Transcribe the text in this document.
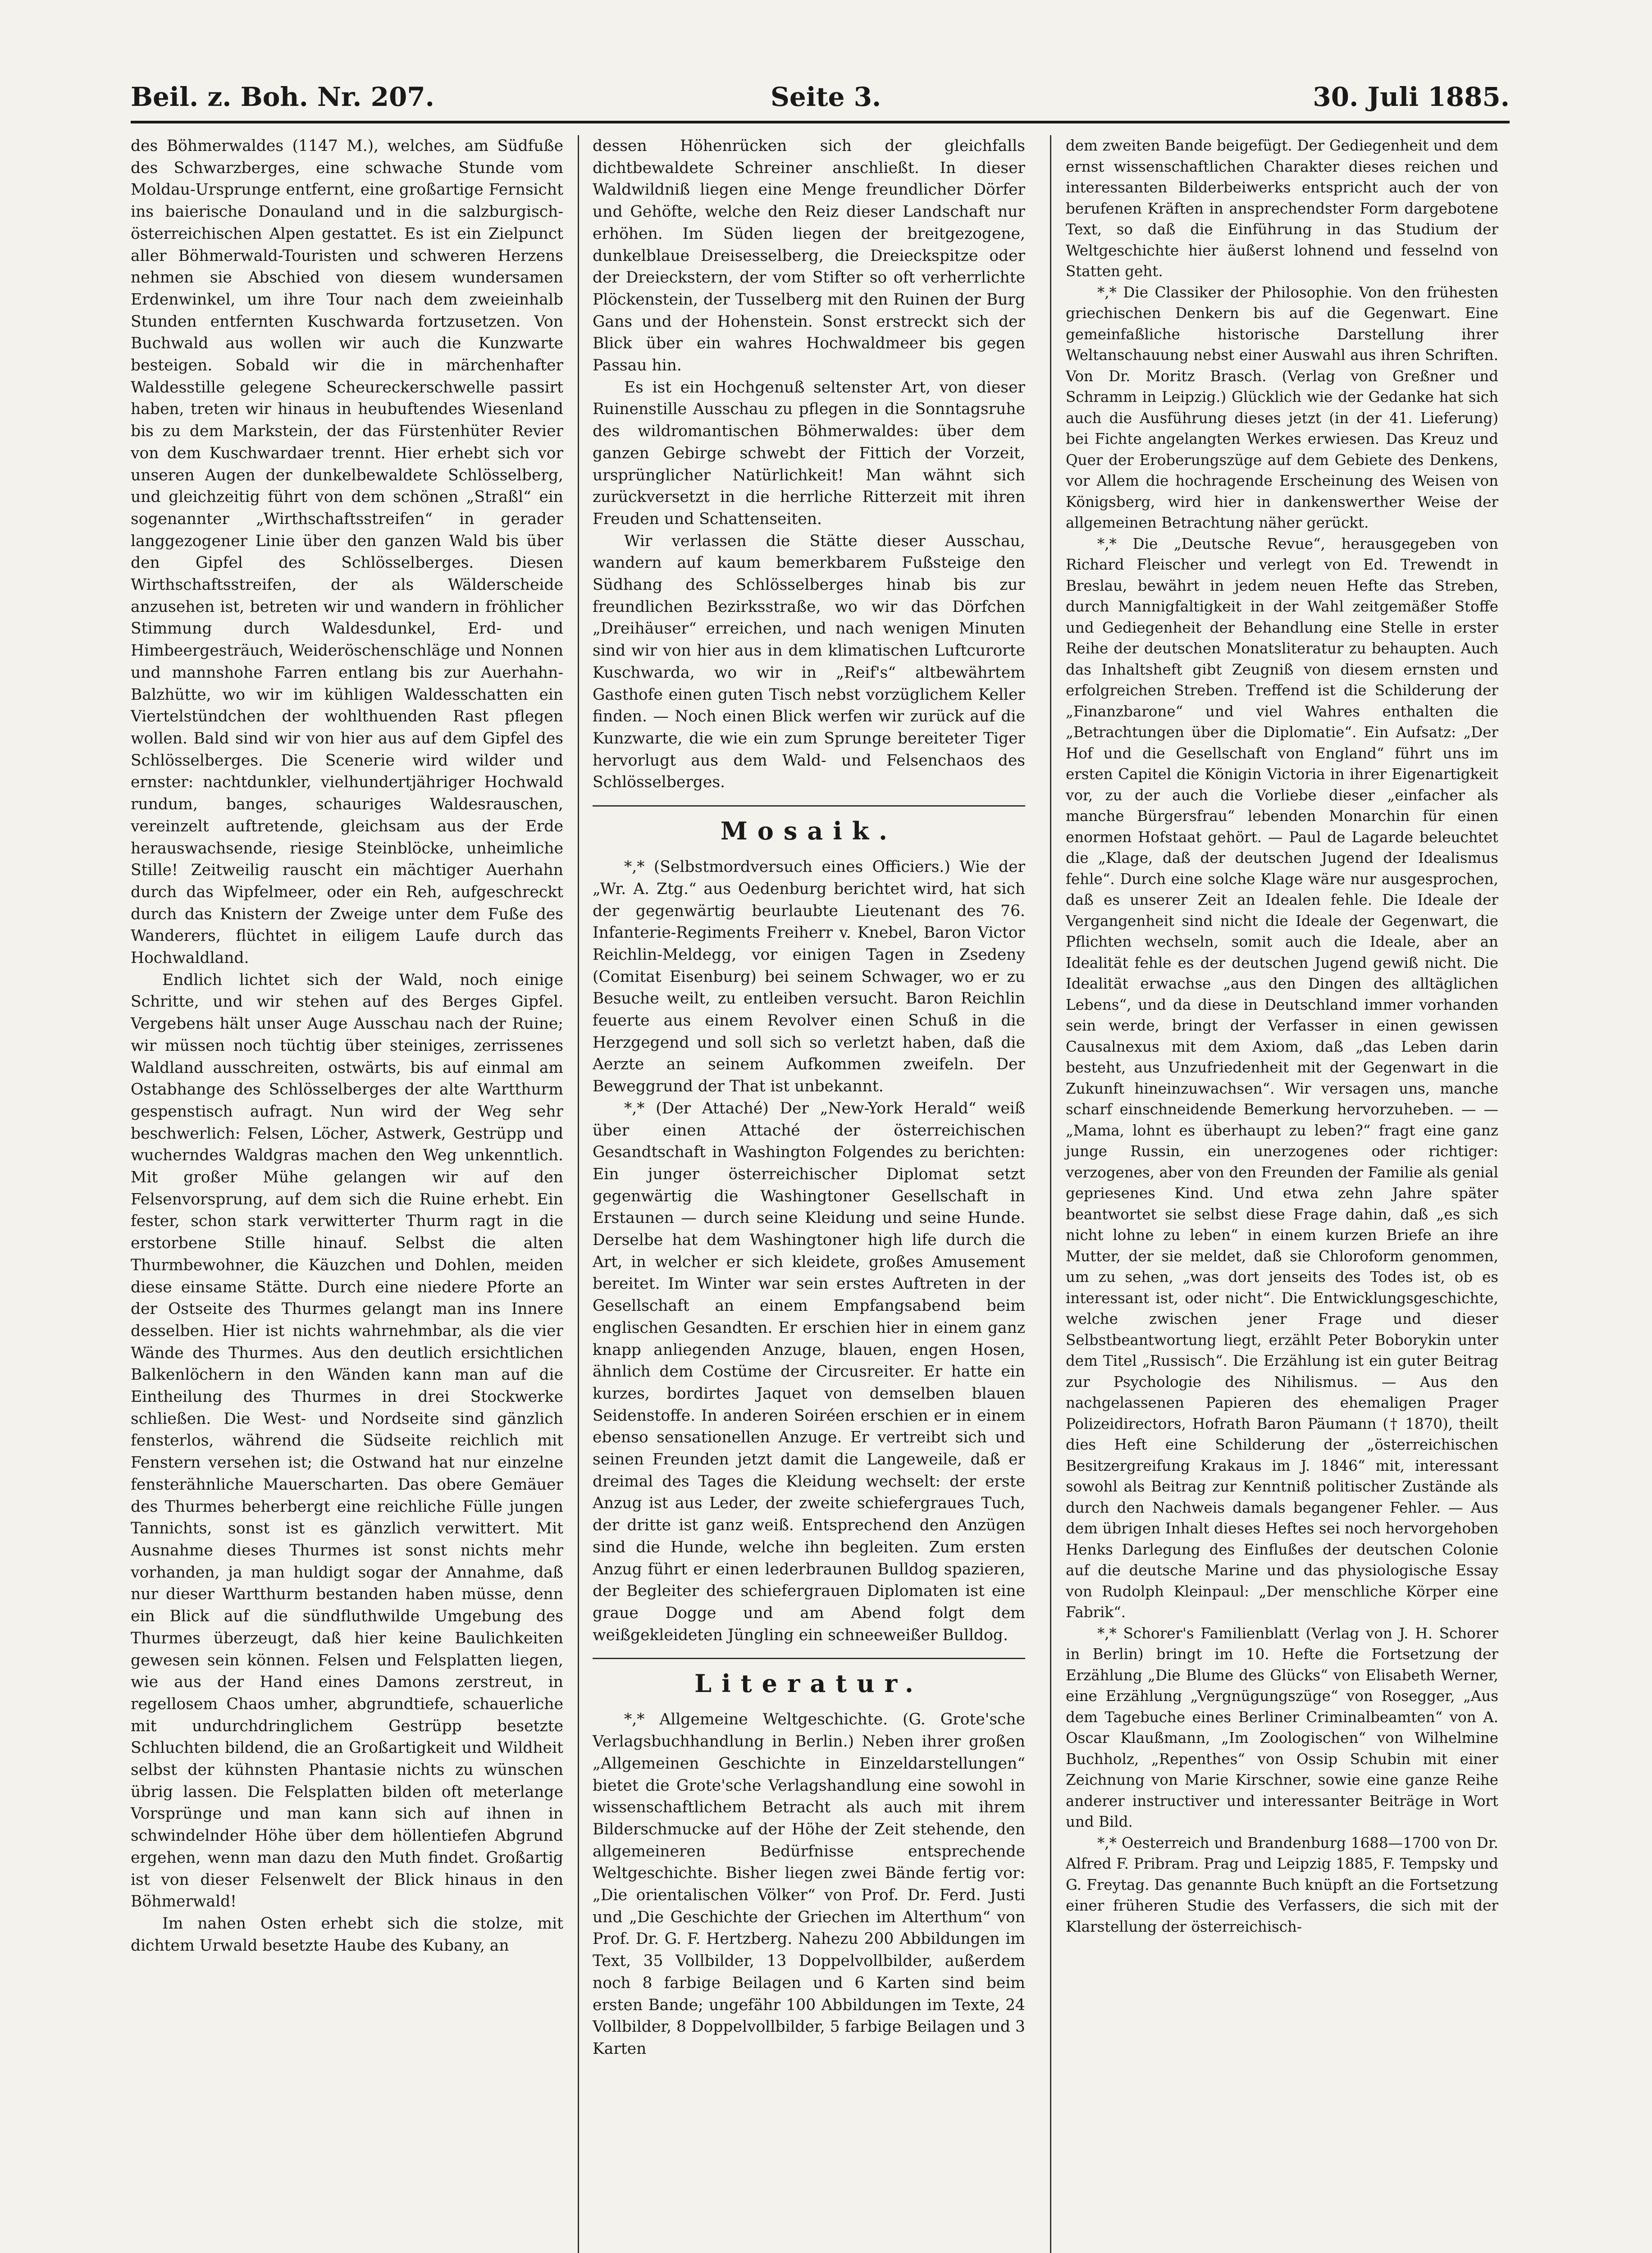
Beil. z. Boh. Nr. 207.	Seite 3.	30. Juli 1885.

des Böhmerwaldes (1147 M.), welches, am Südfuße des Schwarzberges, eine schwache Stunde vom Moldau-Ursprunge entfernt, eine großartige Fernsicht ins baierische Donauland und in die salzburgisch-österreichischen Alpen gestattet. Es ist ein Zielpunct aller Böhmerwald-Touristen und schweren Herzens nehmen sie Abschied von diesem wundersamen Erdenwinkel, um ihre Tour nach dem zweieinhalb Stunden entfernten Kuschwarda fortzusetzen. Von Buchwald aus wollen wir auch die Kunzwarte besteigen. Sobald wir die in märchenhafter Waldesstille gelegene Scheureckerschwelle passirt haben, treten wir hinaus in heubuftendes Wiesenland bis zu dem Markstein, der das Fürstenhüter Revier von dem Kuschwardaer trennt. Hier erhebt sich vor unseren Augen der dunkelbewaldete Schlösselberg, und gleichzeitig führt von dem schönen „Straßl“ ein sogenannter „Wirthschaftsstreifen“ in gerader langgezogener Linie über den ganzen Wald bis über den Gipfel des Schlösselberges. Diesen Wirthschaftsstreifen, der als Wälderscheide anzusehen ist, betreten wir und wandern in fröhlicher Stimmung durch Waldesdunkel, Erd- und Himbeergesträuch, Weideröschenschläge und Nonnen und mannshohe Farren entlang bis zur Auerhahn-Balzhütte, wo wir im kühligen Waldesschatten ein Viertelstündchen der wohlthuenden Rast pflegen wollen. Bald sind wir von hier aus auf dem Gipfel des Schlösselberges. Die Scenerie wird wilder und ernster: nachtdunkler, vielhundertjähriger Hochwald rundum, banges, schauriges Waldesrauschen, vereinzelt auftretende, gleichsam aus der Erde herauswachsende, riesige Steinblöcke, unheimliche Stille! Zeitweilig rauscht ein mächtiger Auerhahn durch das Wipfelmeer, oder ein Reh, aufgeschreckt durch das Knistern der Zweige unter dem Fuße des Wanderers, flüchtet in eiligem Laufe durch das Hochwaldland.

Endlich lichtet sich der Wald, noch einige Schritte, und wir stehen auf des Berges Gipfel. Vergebens hält unser Auge Ausschau nach der Ruine; wir müssen noch tüchtig über steiniges, zerrissenes Waldland ausschreiten, ostwärts, bis auf einmal am Ostabhange des Schlösselberges der alte Wartthurm gespenstisch aufragt. Nun wird der Weg sehr beschwerlich: Felsen, Löcher, Astwerk, Gestrüpp und wucherndes Waldgras machen den Weg unkenntlich. Mit großer Mühe gelangen wir auf den Felsenvorsprung, auf dem sich die Ruine erhebt. Ein fester, schon stark verwitterter Thurm ragt in die erstorbene Stille hinauf. Selbst die alten Thurmbewohner, die Käuzchen und Dohlen, meiden diese einsame Stätte. Durch eine niedere Pforte an der Ostseite des Thurmes gelangt man ins Innere desselben. Hier ist nichts wahrnehmbar, als die vier Wände des Thurmes. Aus den deutlich ersichtlichen Balkenlöchern in den Wänden kann man auf die Eintheilung des Thurmes in drei Stockwerke schließen. Die West- und Nordseite sind gänzlich fensterlos, während die Südseite reichlich mit Fenstern versehen ist; die Ostwand hat nur einzelne fensterähnliche Mauerscharten. Das obere Gemäuer des Thurmes beherbergt eine reichliche Fülle jungen Tannichts, sonst ist es gänzlich verwittert. Mit Ausnahme dieses Thurmes ist sonst nichts mehr vorhanden, ja man huldigt sogar der Annahme, daß nur dieser Wartthurm bestanden haben müsse, denn ein Blick auf die sündfluthwilde Umgebung des Thurmes überzeugt, daß hier keine Baulichkeiten gewesen sein können. Felsen und Felsplatten liegen, wie aus der Hand eines Damons zerstreut, in regellosem Chaos umher, abgrundtiefe, schauerliche mit undurchdringlichem Gestrüpp besetzte Schluchten bildend, die an Großartigkeit und Wildheit selbst der kühnsten Phantasie nichts zu wünschen übrig lassen. Die Felsplatten bilden oft meterlange Vorsprünge und man kann sich auf ihnen in schwindelnder Höhe über dem höllentiefen Abgrund ergehen, wenn man dazu den Muth findet. Großartig ist von dieser Felsenwelt der Blick hinaus in den Böhmerwald!

Im nahen Osten erhebt sich die stolze, mit dichtem Urwald besetzte Haube des Kubany, an

dessen Höhenrücken sich der gleichfalls dichtbewaldete Schreiner anschließt. In dieser Waldwildniß liegen eine Menge freundlicher Dörfer und Gehöfte, welche den Reiz dieser Landschaft nur erhöhen. Im Süden liegen der breitgezogene, dunkelblaue Dreisesselberg, die Dreieckspitze oder der Dreieckstern, der vom Stifter so oft verherrlichte Plöckenstein, der Tusselberg mit den Ruinen der Burg Gans und der Hohenstein. Sonst erstreckt sich der Blick über ein wahres Hochwaldmeer bis gegen Passau hin.

Es ist ein Hochgenuß seltenster Art, von dieser Ruinenstille Ausschau zu pflegen in die Sonntagsruhe des wildromantischen Böhmerwaldes: über dem ganzen Gebirge schwebt der Fittich der Vorzeit, ursprünglicher Natürlichkeit! Man wähnt sich zurückversetzt in die herrliche Ritterzeit mit ihren Freuden und Schattenseiten.

Wir verlassen die Stätte dieser Ausschau, wandern auf kaum bemerkbarem Fußsteige den Südhang des Schlösselberges hinab bis zur freundlichen Bezirksstraße, wo wir das Dörfchen „Dreihäuser“ erreichen, und nach wenigen Minuten sind wir von hier aus in dem klimatischen Luftcurorte Kuschwarda, wo wir in „Reif's“ altbewährtem Gasthofe einen guten Tisch nebst vorzüglichem Keller finden. — Noch einen Blick werfen wir zurück auf die Kunzwarte, die wie ein zum Sprunge bereiteter Tiger hervorlugt aus dem Wald- und Felsenchaos des Schlösselberges.

Mosaik.

*,* (Selbstmordversuch eines Officiers.) Wie der „Wr. A. Ztg.“ aus Oedenburg berichtet wird, hat sich der gegenwärtig beurlaubte Lieutenant des 76. Infanterie-Regiments Freiherr v. Knebel, Baron Victor Reichlin-Meldegg, vor einigen Tagen in Zsedeny (Comitat Eisenburg) bei seinem Schwager, wo er zu Besuche weilt, zu entleiben versucht. Baron Reichlin feuerte aus einem Revolver einen Schuß in die Herzgegend und soll sich so verletzt haben, daß die Aerzte an seinem Aufkommen zweifeln. Der Beweggrund der That ist unbekannt.

*,* (Der Attaché) Der „New-York Herald“ weiß über einen Attaché der österreichischen Gesandtschaft in Washington Folgendes zu berichten: Ein junger österreichischer Diplomat setzt gegenwärtig die Washingtoner Gesellschaft in Erstaunen — durch seine Kleidung und seine Hunde. Derselbe hat dem Washingtoner high life durch die Art, in welcher er sich kleidete, großes Amusement bereitet. Im Winter war sein erstes Auftreten in der Gesellschaft an einem Empfangsabend beim englischen Gesandten. Er erschien hier in einem ganz knapp anliegenden Anzuge, blauen, engen Hosen, ähnlich dem Costüme der Circusreiter. Er hatte ein kurzes, bordirtes Jaquet von demselben blauen Seidenstoffe. In anderen Soiréen erschien er in einem ebenso sensationellen Anzuge. Er vertreibt sich und seinen Freunden jetzt damit die Langeweile, daß er dreimal des Tages die Kleidung wechselt: der erste Anzug ist aus Leder, der zweite schiefergraues Tuch, der dritte ist ganz weiß. Entsprechend den Anzügen sind die Hunde, welche ihn begleiten. Zum ersten Anzug führt er einen lederbraunen Bulldog spazieren, der Begleiter des schiefergrauen Diplomaten ist eine graue Dogge und am Abend folgt dem weißgekleideten Jüngling ein schneeweißer Bulldog.

Literatur.

*,* Allgemeine Weltgeschichte. (G. Grote'sche Verlagsbuchhandlung in Berlin.) Neben ihrer großen „Allgemeinen Geschichte in Einzeldarstellungen“ bietet die Grote'sche Verlagshandlung eine sowohl in wissenschaftlichem Betracht als auch mit ihrem Bilderschmucke auf der Höhe der Zeit stehende, den allgemeineren Bedürfnisse entsprechende Weltgeschichte. Bisher liegen zwei Bände fertig vor: „Die orientalischen Völker“ von Prof. Dr. Ferd. Justi und „Die Geschichte der Griechen im Alterthum“ von Prof. Dr. G. F. Hertzberg. Nahezu 200 Abbildungen im Text, 35 Vollbilder, 13 Doppelvollbilder, außerdem noch 8 farbige Beilagen und 6 Karten sind beim ersten Bande; ungefähr 100 Abbildungen im Texte, 24 Vollbilder, 8 Doppelvollbilder, 5 farbige Beilagen und 3 Karten

dem zweiten Bande beigefügt. Der Gediegenheit und dem ernst wissenschaftlichen Charakter dieses reichen und interessanten Bilderbeiwerks entspricht auch der von berufenen Kräften in ansprechendster Form dargebotene Text, so daß die Einführung in das Studium der Weltgeschichte hier äußerst lohnend und fesselnd von Statten geht.

*,* Die Classiker der Philosophie. Von den frühesten griechischen Denkern bis auf die Gegenwart. Eine gemeinfaßliche historische Darstellung ihrer Weltanschauung nebst einer Auswahl aus ihren Schriften. Von Dr. Moritz Brasch. (Verlag von Greßner und Schramm in Leipzig.) Glücklich wie der Gedanke hat sich auch die Ausführung dieses jetzt (in der 41. Lieferung) bei Fichte angelangten Werkes erwiesen. Das Kreuz und Quer der Eroberungszüge auf dem Gebiete des Denkens, vor Allem die hochragende Erscheinung des Weisen von Königsberg, wird hier in dankenswerther Weise der allgemeinen Betrachtung näher gerückt.

*,* Die „Deutsche Revue“, herausgegeben von Richard Fleischer und verlegt von Ed. Trewendt in Breslau, bewährt in jedem neuen Hefte das Streben, durch Mannigfaltigkeit in der Wahl zeitgemäßer Stoffe und Gediegenheit der Behandlung eine Stelle in erster Reihe der deutschen Monatsliteratur zu behaupten. Auch das Inhaltsheft gibt Zeugniß von diesem ernsten und erfolgreichen Streben. Treffend ist die Schilderung der „Finanzbarone“ und viel Wahres enthalten die „Betrachtungen über die Diplomatie“. Ein Aufsatz: „Der Hof und die Gesellschaft von England“ führt uns im ersten Capitel die Königin Victoria in ihrer Eigenartigkeit vor, zu der auch die Vorliebe dieser „einfacher als manche Bürgersfrau“ lebenden Monarchin für einen enormen Hofstaat gehört. — Paul de Lagarde beleuchtet die „Klage, daß der deutschen Jugend der Idealismus fehle“. Durch eine solche Klage wäre nur ausgesprochen, daß es unserer Zeit an Idealen fehle. Die Ideale der Vergangenheit sind nicht die Ideale der Gegenwart, die Pflichten wechseln, somit auch die Ideale, aber an Idealität fehle es der deutschen Jugend gewiß nicht. Die Idealität erwachse „aus den Dingen des alltäglichen Lebens“, und da diese in Deutschland immer vorhanden sein werde, bringt der Verfasser in einen gewissen Causalnexus mit dem Axiom, daß „das Leben darin besteht, aus Unzufriedenheit mit der Gegenwart in die Zukunft hineinzuwachsen“. Wir versagen uns, manche scharf einschneidende Bemerkung hervorzuheben. — — „Mama, lohnt es überhaupt zu leben?“ fragt eine ganz junge Russin, ein unerzogenes oder richtiger: verzogenes, aber von den Freunden der Familie als genial gepriesenes Kind. Und etwa zehn Jahre später beantwortet sie selbst diese Frage dahin, daß „es sich nicht lohne zu leben“ in einem kurzen Briefe an ihre Mutter, der sie meldet, daß sie Chloroform genommen, um zu sehen, „was dort jenseits des Todes ist, ob es interessant ist, oder nicht“. Die Entwicklungsgeschichte, welche zwischen jener Frage und dieser Selbstbeantwortung liegt, erzählt Peter Boborykin unter dem Titel „Russisch“. Die Erzählung ist ein guter Beitrag zur Psychologie des Nihilismus. — Aus den nachgelassenen Papieren des ehemaligen Prager Polizeidirectors, Hofrath Baron Päumann († 1870), theilt dies Heft eine Schilderung der „österreichischen Besitzergreifung Krakaus im J. 1846“ mit, interessant sowohl als Beitrag zur Kenntniß politischer Zustände als durch den Nachweis damals begangener Fehler. — Aus dem übrigen Inhalt dieses Heftes sei noch hervorgehoben Henks Darlegung des Einflußes der deutschen Colonie auf die deutsche Marine und das physiologische Essay von Rudolph Kleinpaul: „Der menschliche Körper eine Fabrik“.

*,* Schorer's Familienblatt (Verlag von J. H. Schorer in Berlin) bringt im 10. Hefte die Fortsetzung der Erzählung „Die Blume des Glücks“ von Elisabeth Werner, eine Erzählung „Vergnügungszüge“ von Rosegger, „Aus dem Tagebuche eines Berliner Criminalbeamten“ von A. Oscar Klaußmann, „Im Zoologischen“ von Wilhelmine Buchholz, „Repenthes“ von Ossip Schubin mit einer Zeichnung von Marie Kirschner, sowie eine ganze Reihe anderer instructiver und interessanter Beiträge in Wort und Bild.

*,* Oesterreich und Brandenburg 1688—1700 von Dr. Alfred F. Pribram. Prag und Leipzig 1885, F. Tempsky und G. Freytag. Das genannte Buch knüpft an die Fortsetzung einer früheren Studie des Verfassers, die sich mit der Klarstellung der österreichisch-
